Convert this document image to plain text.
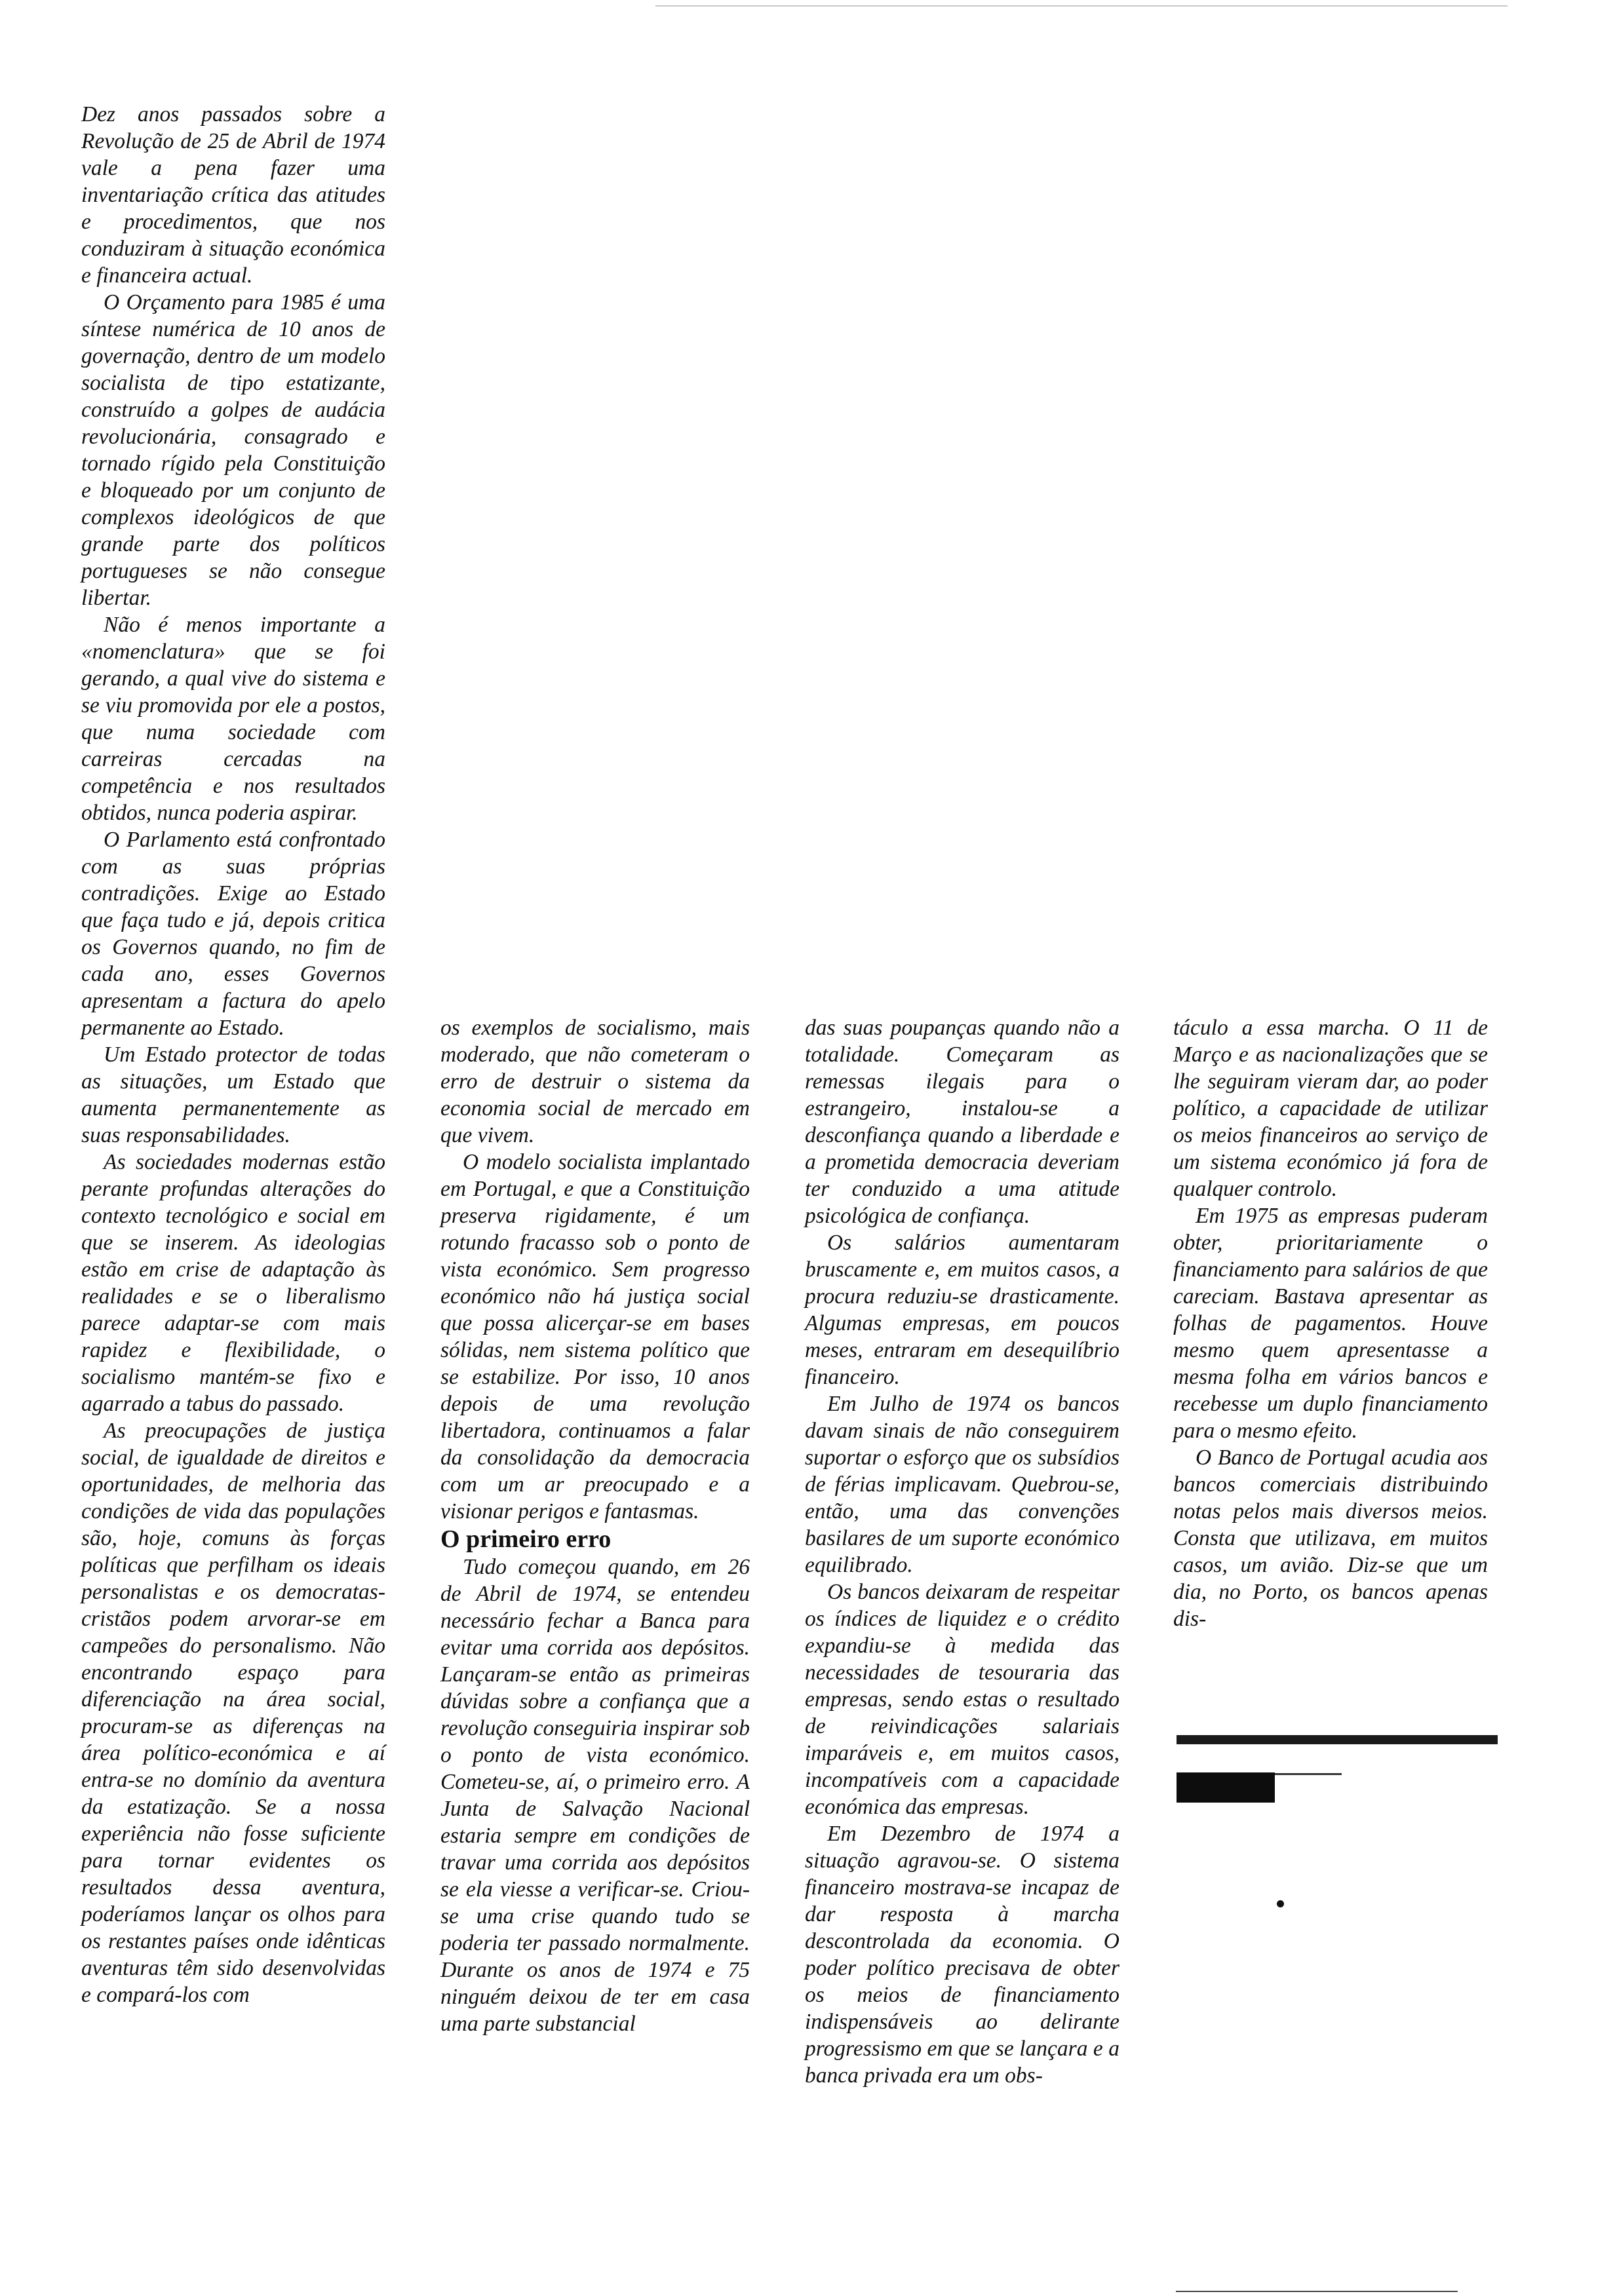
Dez anos passados sobre a Revolução de 25 de Abril de 1974 vale a pena fazer uma inventariação crítica das atitudes e procedimentos, que nos conduziram à situação económica e financeira actual.

O Orçamento para 1985 é uma síntese numérica de 10 anos de governação, dentro de um modelo socialista de tipo estatizante, construído a golpes de audácia revolucionária, consagrado e tornado rígido pela Constituição e bloqueado por um conjunto de complexos ideológicos de que grande parte dos políticos portugueses se não consegue libertar.

Não é menos importante a «nomenclatura» que se foi gerando, a qual vive do sistema e se viu promovida por ele a postos, que numa sociedade com carreiras cercadas na competência e nos resultados obtidos, nunca poderia aspirar.

O Parlamento está confrontado com as suas próprias contradições. Exige ao Estado que faça tudo e já, depois critica os Governos quando, no fim de cada ano, esses Governos apresentam a factura do apelo permanente ao Estado.

Um Estado protector de todas as situações, um Estado que aumenta permanentemente as suas responsabilidades.

As sociedades modernas estão perante profundas alterações do contexto tecnológico e social em que se inserem. As ideologias estão em crise de adaptação às realidades e se o liberalismo parece adaptar-se com mais rapidez e flexibilidade, o socialismo mantém-se fixo e agarrado a tabus do passado.

As preocupações de justiça social, de igualdade de direitos e oportunidades, de melhoria das condições de vida das populações são, hoje, comuns às forças políticas que perfilham os ideais personalistas e os democratas-cristãos podem arvorar-se em campeões do personalismo. Não encontrando espaço para diferenciação na área social, procuram-se as diferenças na área político-económica e aí entra-se no domínio da aventura da estatização. Se a nossa experiência não fosse suficiente para tornar evidentes os resultados dessa aventura, poderíamos lançar os olhos para os restantes países onde idênticas aventuras têm sido desenvolvidas e compará-los com

os exemplos de socialismo, mais moderado, que não cometeram o erro de destruir o sistema da economia social de mercado em que vivem.

O modelo socialista implantado em Portugal, e que a Constituição preserva rigidamente, é um rotundo fracasso sob o ponto de vista económico. Sem progresso económico não há justiça social que possa alicerçar-se em bases sólidas, nem sistema político que se estabilize. Por isso, 10 anos depois de uma revolução libertadora, continuamos a falar da consolidação da democracia com um ar preocupado e a visionar perigos e fantasmas.

O primeiro erro

Tudo começou quando, em 26 de Abril de 1974, se entendeu necessário fechar a Banca para evitar uma corrida aos depósitos. Lançaram-se então as primeiras dúvidas sobre a confiança que a revolução conseguiria inspirar sob o ponto de vista económico. Cometeu-se, aí, o primeiro erro. A Junta de Salvação Nacional estaria sempre em condições de travar uma corrida aos depósitos se ela viesse a verificar-se. Criou-se uma crise quando tudo se poderia ter passado normalmente. Durante os anos de 1974 e 75 ninguém deixou de ter em casa uma parte substancial

das suas poupanças quando não a totalidade. Começaram as remessas ilegais para o estrangeiro, instalou-se a desconfiança quando a liberdade e a prometida democracia deveriam ter conduzido a uma atitude psicológica de confiança.

Os salários aumentaram bruscamente e, em muitos casos, a procura reduziu-se drasticamente. Algumas empresas, em poucos meses, entraram em desequilíbrio financeiro.

Em Julho de 1974 os bancos davam sinais de não conseguirem suportar o esforço que os subsídios de férias implicavam. Quebrou-se, então, uma das convenções basilares de um suporte económico equilibrado.

Os bancos deixaram de respeitar os índices de liquidez e o crédito expandiu-se à medida das necessidades de tesouraria das empresas, sendo estas o resultado de reivindicações salariais imparáveis e, em muitos casos, incompatíveis com a capacidade económica das empresas.

Em Dezembro de 1974 a situação agravou-se. O sistema financeiro mostrava-se incapaz de dar resposta à marcha descontrolada da economia. O poder político precisava de obter os meios de financiamento indispensáveis ao delirante progressismo em que se lançara e a banca privada era um obs-

táculo a essa marcha. O 11 de Março e as nacionalizações que se lhe seguiram vieram dar, ao poder político, a capacidade de utilizar os meios financeiros ao serviço de um sistema económico já fora de qualquer controlo.

Em 1975 as empresas puderam obter, prioritariamente o financiamento para salários de que careciam. Bastava apresentar as folhas de pagamentos. Houve mesmo quem apresentasse a mesma folha em vários bancos e recebesse um duplo financiamento para o mesmo efeito.

O Banco de Portugal acudia aos bancos comerciais distribuindo notas pelos mais diversos meios. Consta que utilizava, em muitos casos, um avião. Diz-se que um dia, no Porto, os bancos apenas dis-
